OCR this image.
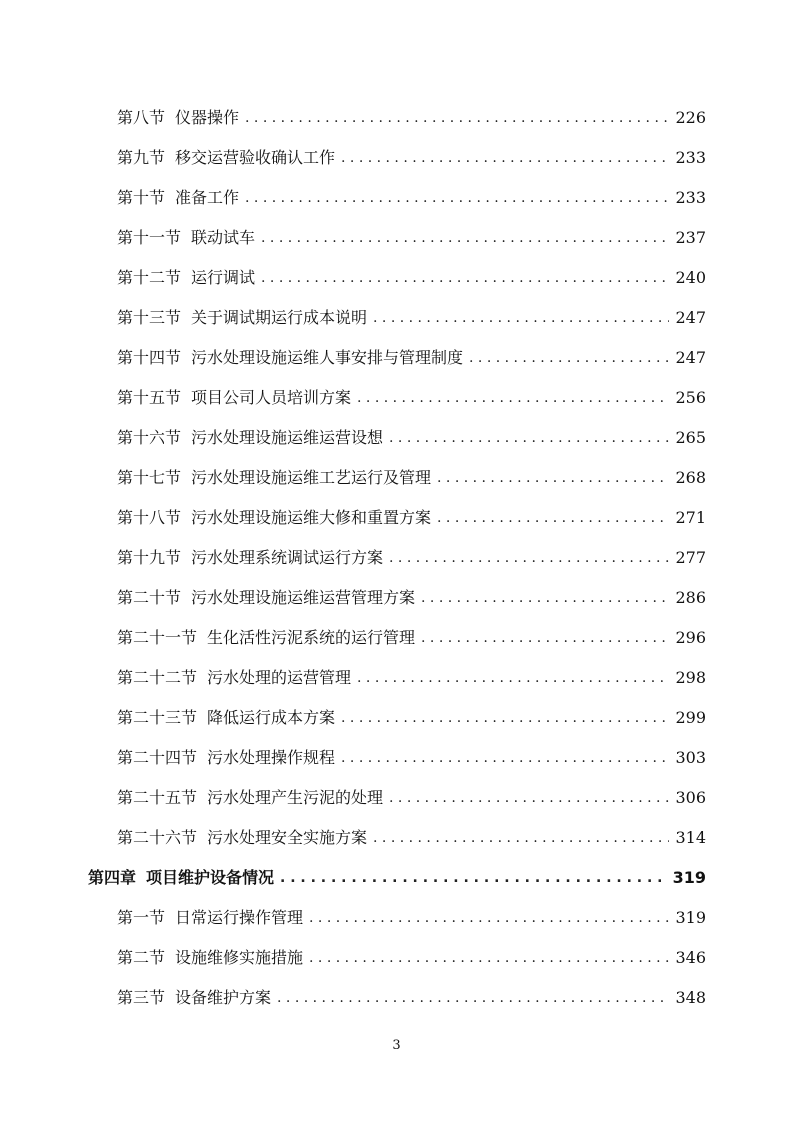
第八节 仪器操作 . . .	226
第九节 移交运营验收确认工作 . . .	233
第十节 准备工作 . . .	233
第十一节 联动试车 . . .	237
第十二节 运行调试 . . .	240
第十三节 关于调试期运行成本说明 . . .	247
第十四节 污水处理设施运维人事安排与管理制度 . . .	247
第十五节 项目公司人员培训方案 . . .	256
第十六节 污水处理设施运维运营设想 . . .	265
第十七节 污水处理设施运维工艺运行及管理 . . .	268
第十八节 污水处理设施运维大修和重置方案 . . .	271
第十九节 污水处理系统调试运行方案 . . .	277
第二十节 污水处理设施运维运营管理方案 . . .	286
第二十一节 生化活性污泥系统的运行管理 . . .	296
第二十二节 污水处理的运营管理 . . .	298
第二十三节 降低运行成本方案 . . .	299
第二十四节 污水处理操作规程 . . .	303
第二十五节 污水处理产生污泥的处理 . . .	306
第二十六节 污水处理安全实施方案 . . .	314
第四章 项目维护设备情况 . . .	319
第一节 日常运行操作管理 . . .	319
第二节 设施维修实施措施 . . .	346
第三节 设备维护方案 . . .	348
3
